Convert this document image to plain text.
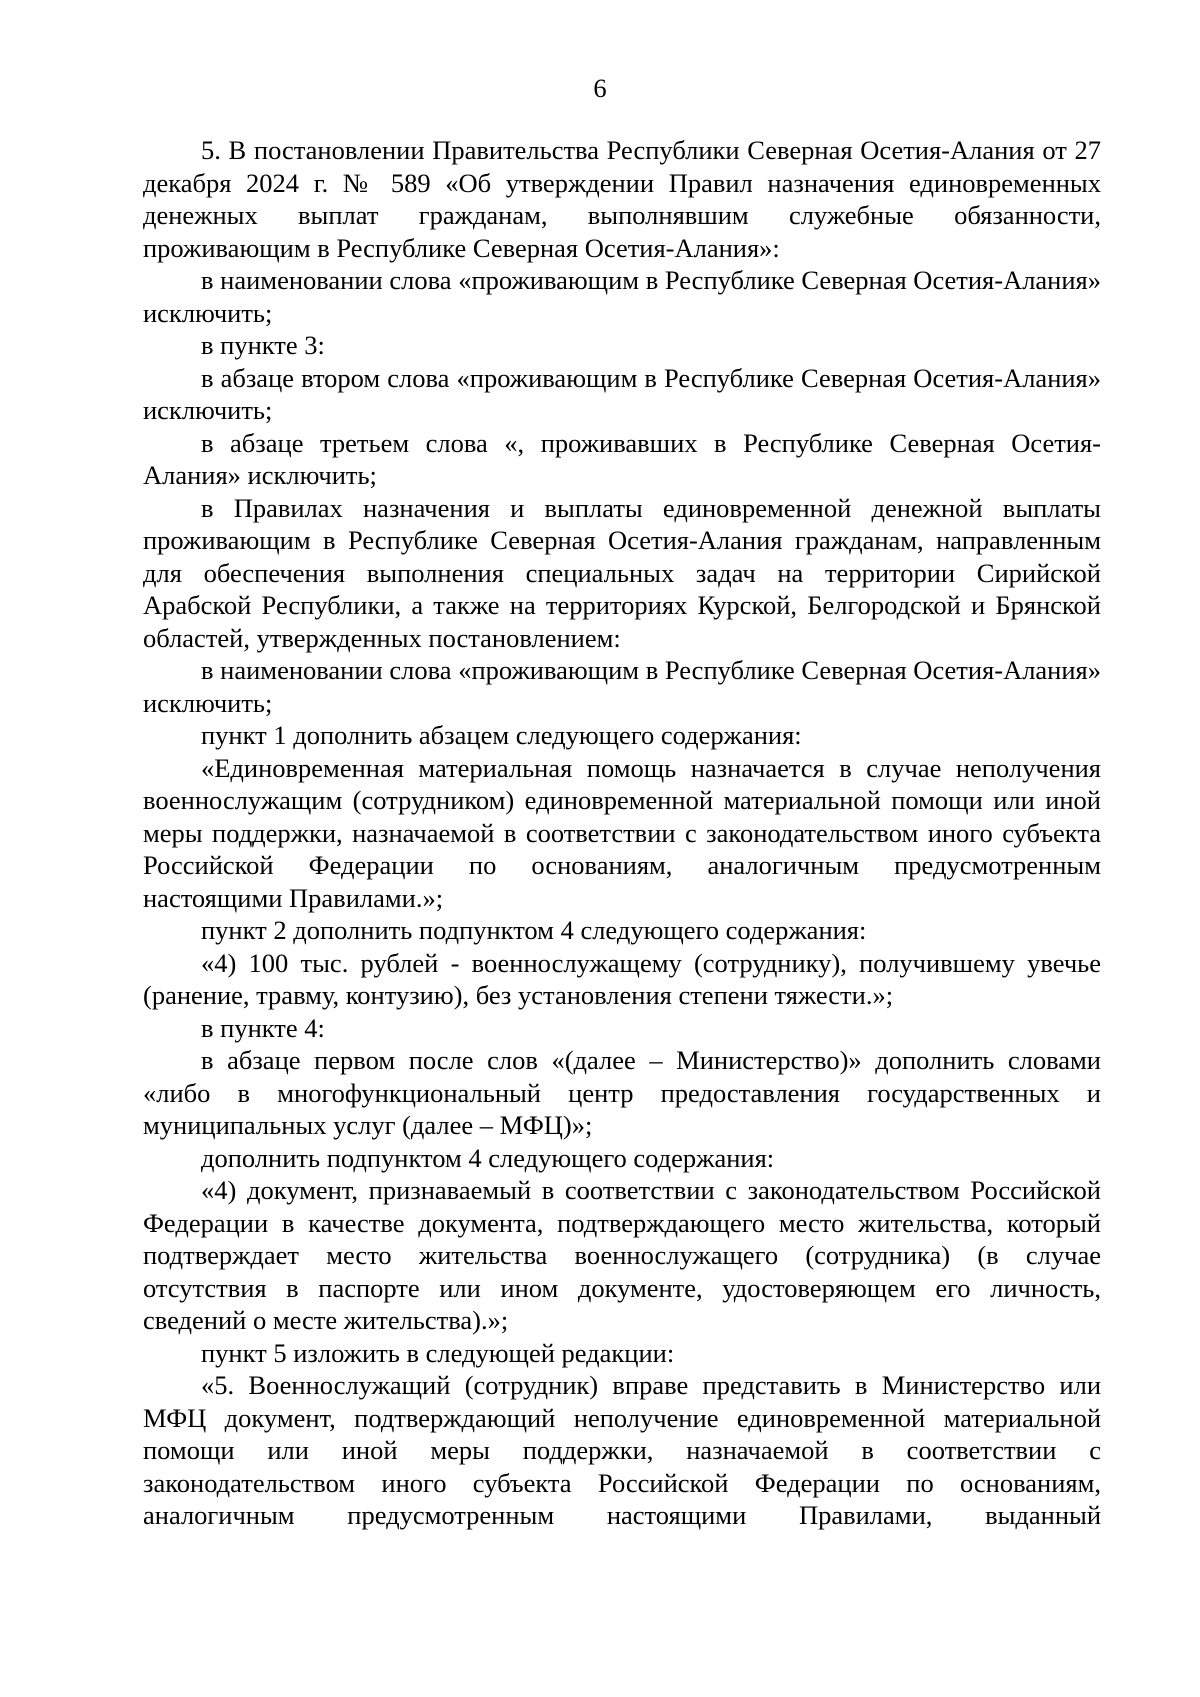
6

5. В постановлении Правительства Республики Северная Осетия-Алания от 27 декабря 2024 г. № 589 «Об утверждении Правил назначения единовременных денежных выплат гражданам, выполнявшим служебные обязанности, проживающим в Республике Северная Осетия-Алания»:

в наименовании слова «проживающим в Республике Северная Осетия-Алания» исключить;

в пункте 3:

в абзаце втором слова «проживающим в Республике Северная Осетия-Алания» исключить;

в абзаце третьем слова «, проживавших в Республике Северная Осетия-Алания» исключить;

в Правилах назначения и выплаты единовременной денежной выплаты проживающим в Республике Северная Осетия-Алания гражданам, направленным для обеспечения выполнения специальных задач на территории Сирийской Арабской Республики, а также на территориях Курской, Белгородской и Брянской областей, утвержденных постановлением:

в наименовании слова «проживающим в Республике Северная Осетия-Алания» исключить;

пункт 1 дополнить абзацем следующего содержания:

«Единовременная материальная помощь назначается в случае неполучения военнослужащим (сотрудником) единовременной материальной помощи или иной меры поддержки, назначаемой в соответствии с законодательством иного субъекта Российской Федерации по основаниям, аналогичным предусмотренным настоящими Правилами.»;

пункт 2 дополнить подпунктом 4 следующего содержания:

«4) 100 тыс. рублей - военнослужащему (сотруднику), получившему увечье (ранение, травму, контузию), без установления степени тяжести.»;

в пункте 4:

в абзаце первом после слов «(далее – Министерство)» дополнить словами «либо в многофункциональный центр предоставления государственных и муниципальных услуг (далее – МФЦ)»;

дополнить подпунктом 4 следующего содержания:

«4) документ, признаваемый в соответствии с законодательством Российской Федерации в качестве документа, подтверждающего место жительства, который подтверждает место жительства военнослужащего (сотрудника) (в случае отсутствия в паспорте или ином документе, удостоверяющем его личность, сведений о месте жительства).»;

пункт 5 изложить в следующей редакции:

«5. Военнослужащий (сотрудник) вправе представить в Министерство или МФЦ документ, подтверждающий неполучение единовременной материальной помощи или иной меры поддержки, назначаемой в соответствии с законодательством иного субъекта Российской Федерации по основаниям, аналогичным предусмотренным настоящими Правилами, выданный
